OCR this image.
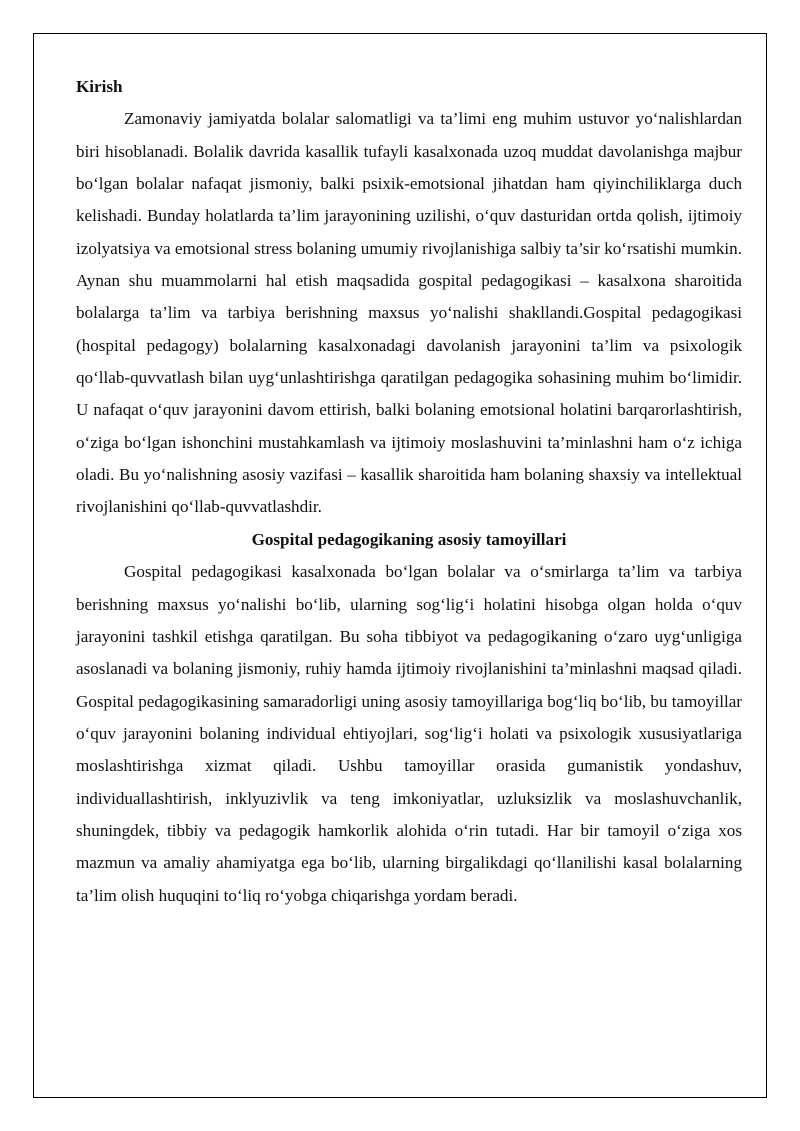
Kirish

Zamonaviy jamiyatda bolalar salomatligi va ta’limi eng muhim ustuvor yo‘nalishlardan biri hisoblanadi. Bolalik davrida kasallik tufayli kasalxonada uzoq muddat davolanishga majbur bo‘lgan bolalar nafaqat jismoniy, balki psixik-emotsional jihatdan ham qiyinchiliklarga duch kelishadi. Bunday holatlarda ta’lim jarayonining uzilishi, o‘quv dasturidan ortda qolish, ijtimoiy izolyatsiya va emotsional stress bolaning umumiy rivojlanishiga salbiy ta’sir ko‘rsatishi mumkin. Aynan shu muammolarni hal etish maqsadida gospital pedagogikasi – kasalxona sharoitida bolalarga ta’lim va tarbiya berishning maxsus yo‘nalishi shakllandi.Gospital pedagogikasi (hospital pedagogy) bolalarning kasalxonadagi davolanish jarayonini ta’lim va psixologik qo‘llab-quvvatlash bilan uyg‘unlashtirishga qaratilgan pedagogika sohasining muhim bo‘limidir. U nafaqat o‘quv jarayonini davom ettirish, balki bolaning emotsional holatini barqarorlashtirish, o‘ziga bo‘lgan ishonchini mustahkamlash va ijtimoiy moslashuvini ta’minlashni ham o‘z ichiga oladi. Bu yo‘nalishning asosiy vazifasi – kasallik sharoitida ham bolaning shaxsiy va intellektual rivojlanishini qo‘llab-quvvatlashdir.

Gospital pedagogikaning asosiy tamoyillari

Gospital pedagogikasi kasalxonada bo‘lgan bolalar va o‘smirlarga ta’lim va tarbiya berishning maxsus yo‘nalishi bo‘lib, ularning sog‘lig‘i holatini hisobga olgan holda o‘quv jarayonini tashkil etishga qaratilgan. Bu soha tibbiyot va pedagogikaning o‘zaro uyg‘unligiga asoslanadi va bolaning jismoniy, ruhiy hamda ijtimoiy rivojlanishini ta’minlashni maqsad qiladi. Gospital pedagogikasining samaradorligi uning asosiy tamoyillariga bog‘liq bo‘lib, bu tamoyillar o‘quv jarayonini bolaning individual ehtiyojlari, sog‘lig‘i holati va psixologik xususiyatlariga moslashtirishga xizmat qiladi. Ushbu tamoyillar orasida gumanistik yondashuv, individuallashtirish, inklyuzivlik va teng imkoniyatlar, uzluksizlik va moslashuvchanlik, shuningdek, tibbiy va pedagogik hamkorlik alohida o‘rin tutadi. Har bir tamoyil o‘ziga xos mazmun va amaliy ahamiyatga ega bo‘lib, ularning birgalikdagi qo‘llanilishi kasal bolalarning ta’lim olish huquqini to‘liq ro‘yobga chiqarishga yordam beradi.
